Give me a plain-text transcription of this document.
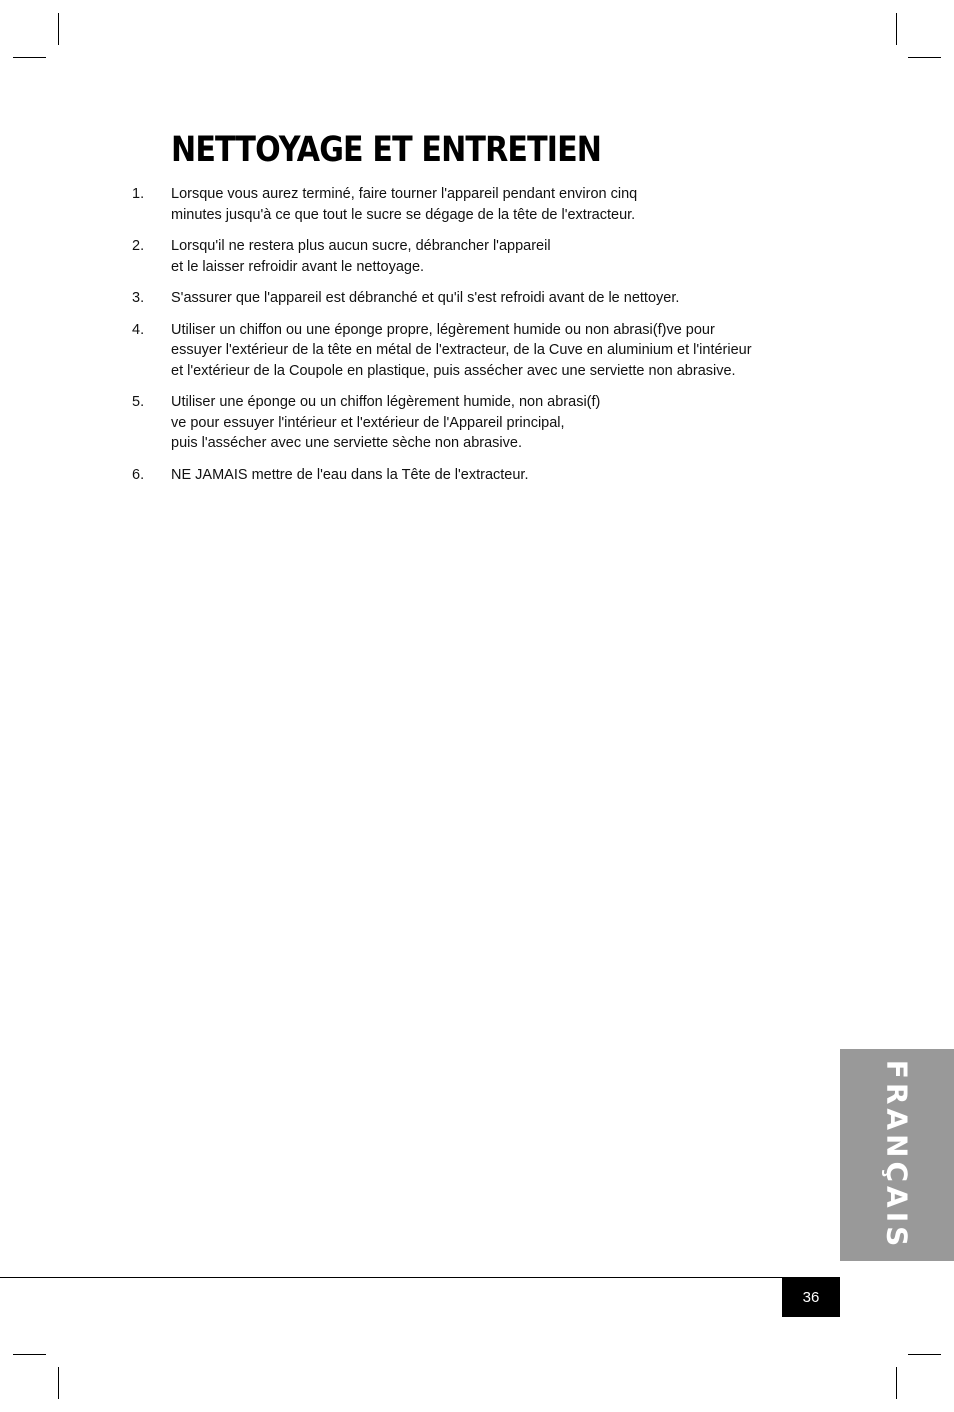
NETTOYAGE ET ENTRETIEN
1.	Lorsque vous aurez terminé, faire tourner l'appareil pendant environ cinq
minutes jusqu'à ce que tout le sucre se dégage de la tête de l'extracteur.
2.	Lorsqu'il ne restera plus aucun sucre, débrancher l'appareil
et le laisser refroidir avant le nettoyage.
3.	S'assurer que l'appareil est débranché et qu'il s'est refroidi avant de le nettoyer.
4.	Utiliser un chiffon ou une éponge propre, légèrement humide ou non abrasi(f)ve pour
essuyer l'extérieur de la tête en métal de l'extracteur, de la Cuve en aluminium et l'intérieur
et l'extérieur de la Coupole en plastique, puis assécher avec une serviette non abrasive.
5.	Utiliser une éponge ou un chiffon légèrement humide, non abrasi(f)
ve pour essuyer l'intérieur et l'extérieur de l'Appareil principal,
puis l'assécher avec une serviette sèche non abrasive.
6.	NE JAMAIS mettre de l'eau dans la Tête de l'extracteur.
FRANÇAIS
36
